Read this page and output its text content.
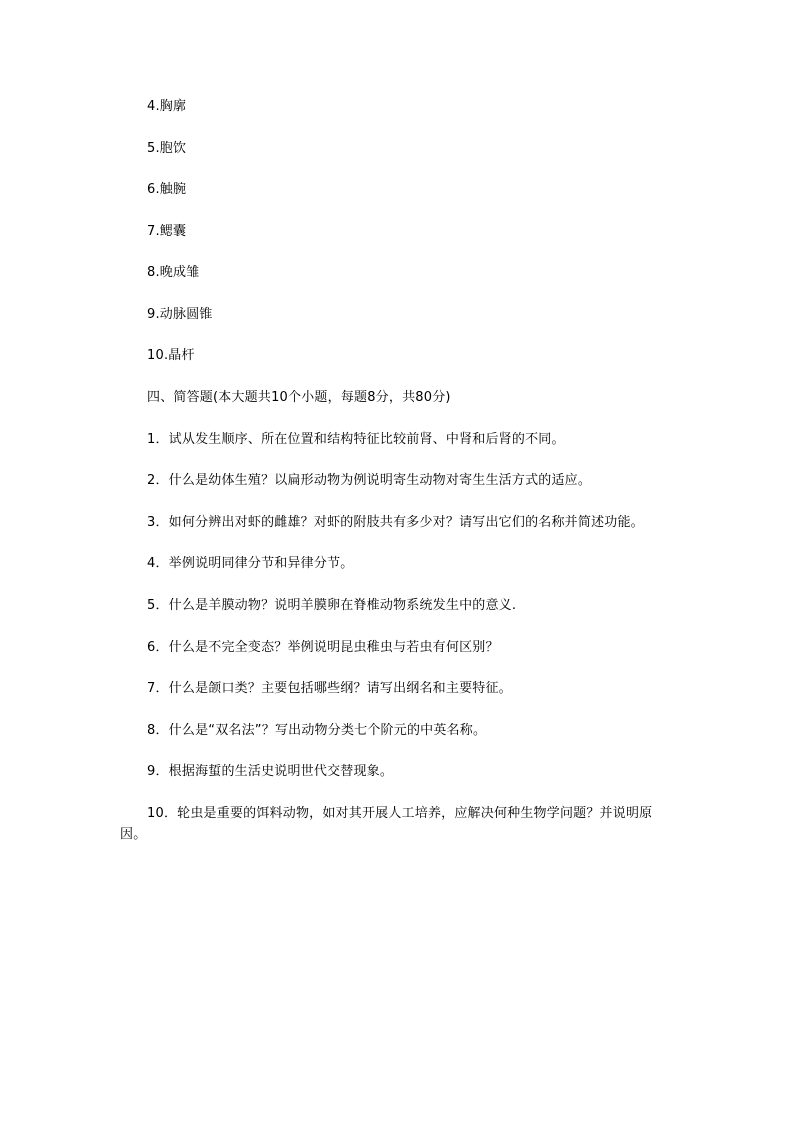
4.胸廓
5.胞饮
6.触腕
7.鳃囊
8.晚成雏
9.动脉圆锥
10.晶杆
四、简答题(本大题共10个小题，每题8分，共80分)
1．试从发生顺序、所在位置和结构特征比较前肾、中肾和后肾的不同。
2．什么是幼体生殖？以扁形动物为例说明寄生动物对寄生生活方式的适应。
3．如何分辨出对虾的雌雄？对虾的附肢共有多少对？请写出它们的名称并简述功能。
4．举例说明同律分节和异律分节。
5．什么是羊膜动物？说明羊膜卵在脊椎动物系统发生中的意义.
6．什么是不完全变态？举例说明昆虫稚虫与若虫有何区别？
7．什么是颌口类？主要包括哪些纲？请写出纲名和主要特征。
8．什么是“双名法”？写出动物分类七个阶元的中英名称。
9．根据海蜇的生活史说明世代交替现象。
10．轮虫是重要的饵料动物，如对其开展人工培养，应解决何种生物学问题？并说明原因。
